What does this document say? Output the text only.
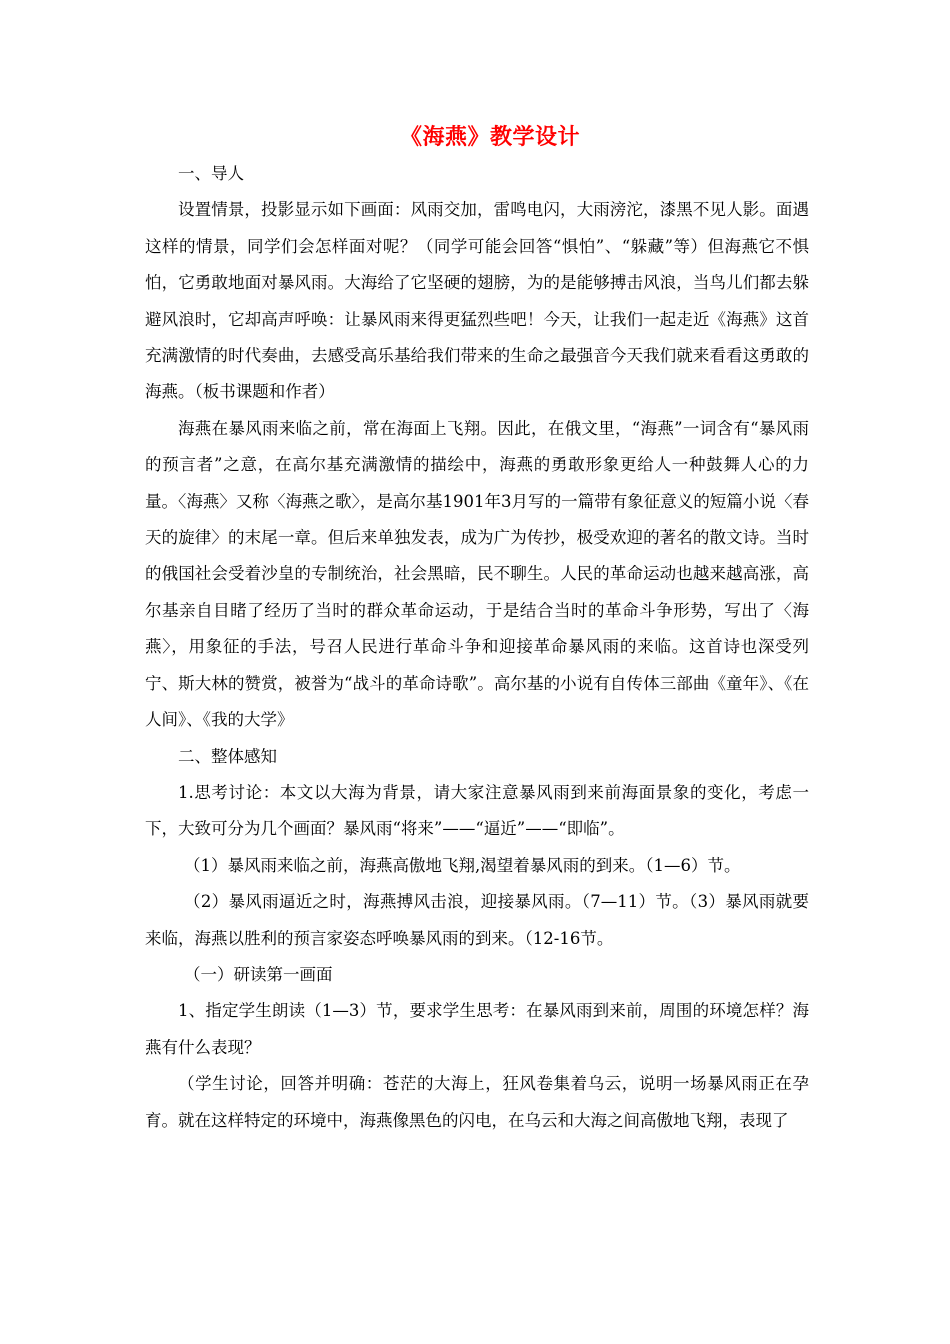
《海燕》教学设计

一、导人

设置情景，投影显示如下画面：风雨交加，雷鸣电闪，大雨滂沱，漆黑不见人影。面遇这样的情景，同学们会怎样面对呢？（同学可能会回答“惧怕”、“躲藏”等）但海燕它不惧怕，它勇敢地面对暴风雨。大海给了它坚硬的翅膀，为的是能够搏击风浪，当鸟儿们都去躲避风浪时，它却高声呼唤：让暴风雨来得更猛烈些吧！今天，让我们一起走近《海燕》这首充满激情的时代奏曲，去感受高乐基给我们带来的生命之最强音今天我们就来看看这勇敢的海燕。（板书课题和作者）

海燕在暴风雨来临之前，常在海面上飞翔。因此，在俄文里，“海燕”一词含有“暴风雨的预言者”之意，在高尔基充满激情的描绘中，海燕的勇敢形象更给人一种鼓舞人心的力量。〈海燕〉又称〈海燕之歌〉，是高尔基1901年3月写的一篇带有象征意义的短篇小说〈春天的旋律〉的末尾一章。但后来单独发表，成为广为传抄，极受欢迎的著名的散文诗。当时的俄国社会受着沙皇的专制统治，社会黑暗，民不聊生。人民的革命运动也越来越高涨，高尔基亲自目睹了经历了当时的群众革命运动，于是结合当时的革命斗争形势，写出了〈海燕〉，用象征的手法，号召人民进行革命斗争和迎接革命暴风雨的来临。这首诗也深受列宁、斯大林的赞赏，被誉为“战斗的革命诗歌”。高尔基的小说有自传体三部曲《童年》、《在人间》、《我的大学》

二、整体感知

1.思考讨论：本文以大海为背景，请大家注意暴风雨到来前海面景象的变化，考虑一下，大致可分为几个画面？暴风雨“将来”——“逼近”——“即临”。

（1）暴风雨来临之前，海燕高傲地飞翔,渴望着暴风雨的到来。（1—6）节。

（2）暴风雨逼近之时，海燕搏风击浪，迎接暴风雨。（7—11）节。（3）暴风雨就要来临，海燕以胜利的预言家姿态呼唤暴风雨的到来。（12-16节。

（一）研读第一画面

1、指定学生朗读（1—3）节，要求学生思考：在暴风雨到来前，周围的环境怎样？海燕有什么表现？

（学生讨论，回答并明确：苍茫的大海上，狂风卷集着乌云，说明一场暴风雨正在孕育。就在这样特定的环境中，海燕像黑色的闪电，在乌云和大海之间高傲地飞翔，表现了
